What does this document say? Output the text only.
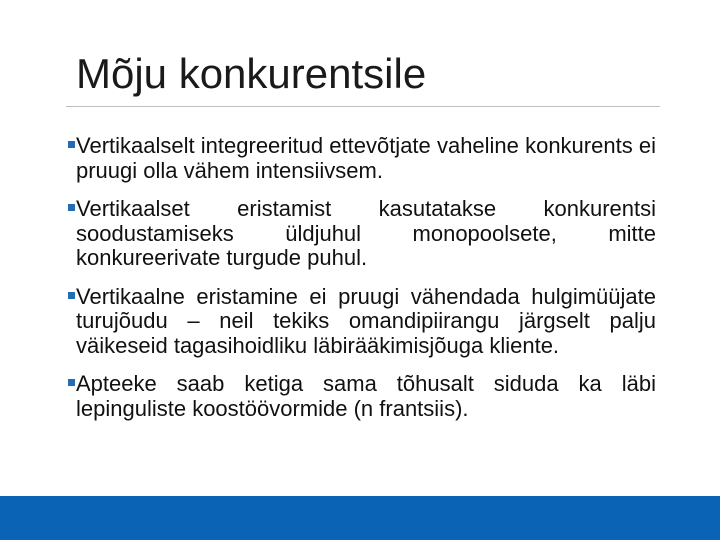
Mõju konkurentsile
Vertikaalselt integreeritud ettevõtjate vaheline konkurents ei pruugi olla vähem intensiivsem.
Vertikaalset eristamist kasutatakse konkurentsi soodustamiseks üldjuhul monopoolsete, mitte konkureerivate turgude puhul.
Vertikaalne eristamine ei pruugi vähendada hulgimüüjate turujõudu – neil tekiks omandipiirangu järgselt palju väikeseid tagasihoidliku läbirääkimisjõuga kliente.
Apteeke saab ketiga sama tõhusalt siduda ka läbi lepinguliste koostöövormide (n frantsiis).
